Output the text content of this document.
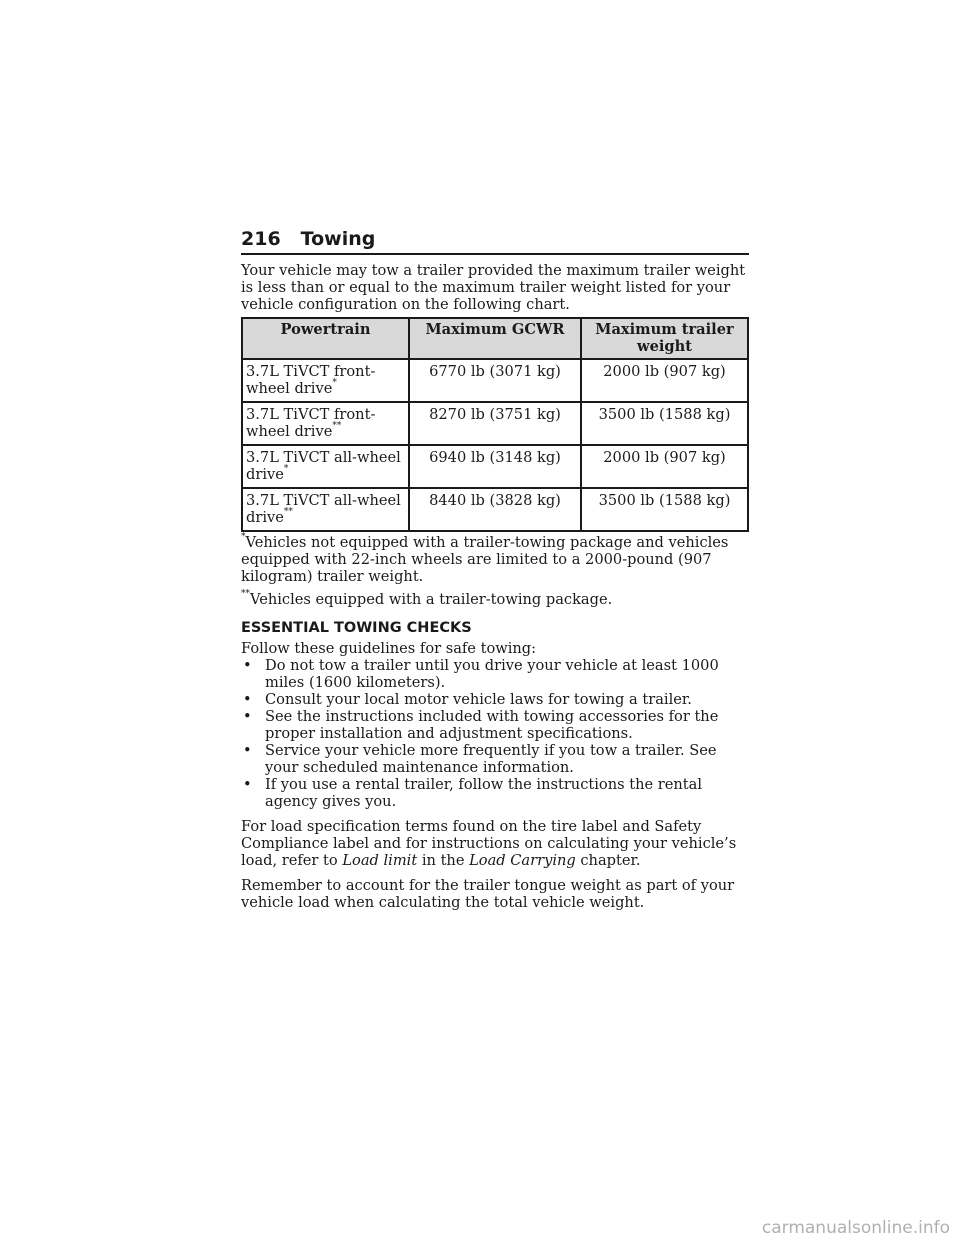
216 Towing

Your vehicle may tow a trailer provided the maximum trailer weight is less than or equal to the maximum trailer weight listed for your vehicle configuration on the following chart.

Powertrain	Maximum GCWR	Maximum trailer weight
3.7L TiVCT front-wheel drive*	6770 lb (3071 kg)	2000 lb (907 kg)
3.7L TiVCT front-wheel drive**	8270 lb (3751 kg)	3500 lb (1588 kg)
3.7L TiVCT all-wheel drive*	6940 lb (3148 kg)	2000 lb (907 kg)
3.7L TiVCT all-wheel drive**	8440 lb (3828 kg)	3500 lb (1588 kg)

*Vehicles not equipped with a trailer-towing package and vehicles equipped with 22-inch wheels are limited to a 2000-pound (907 kilogram) trailer weight.

**Vehicles equipped with a trailer-towing package.

ESSENTIAL TOWING CHECKS

Follow these guidelines for safe towing:

• Do not tow a trailer until you drive your vehicle at least 1000 miles (1600 kilometers).
• Consult your local motor vehicle laws for towing a trailer.
• See the instructions included with towing accessories for the proper installation and adjustment specifications.
• Service your vehicle more frequently if you tow a trailer. See your scheduled maintenance information.
• If you use a rental trailer, follow the instructions the rental agency gives you.

For load specification terms found on the tire label and Safety Compliance label and for instructions on calculating your vehicle’s load, refer to Load limit in the Load Carrying chapter.

Remember to account for the trailer tongue weight as part of your vehicle load when calculating the total vehicle weight.

carmanualsonline.info
